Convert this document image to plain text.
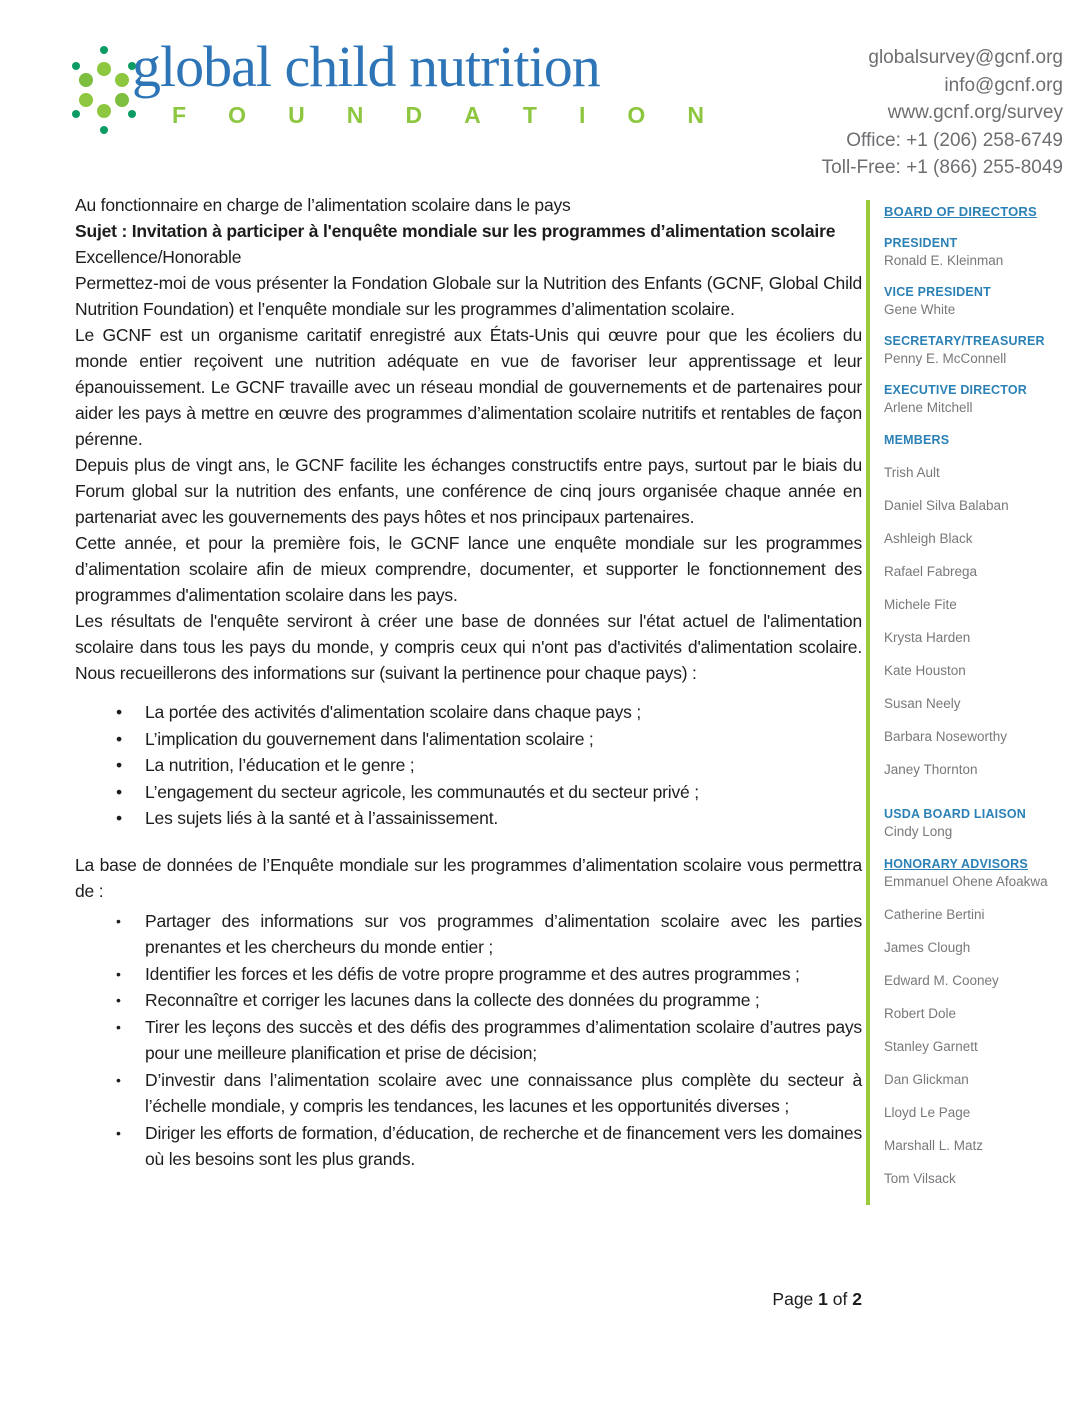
global child nutrition
F O U N D A T I O N
globalsurvey@gcnf.org
info@gcnf.org
www.gcnf.org/survey
Office: +1 (206) 258-6749
Toll-Free: +1 (866) 255-8049

Au fonctionnaire en charge de l’alimentation scolaire dans le pays

Sujet : Invitation à participer à l'enquête mondiale sur les programmes d’alimentation scolaire

Excellence/Honorable

Permettez-moi de vous présenter la Fondation Globale sur la Nutrition des Enfants (GCNF, Global Child Nutrition Foundation) et l’enquête mondiale sur les programmes d’alimentation scolaire.

Le GCNF est un organisme caritatif enregistré aux États-Unis qui œuvre pour que les écoliers du monde entier reçoivent une nutrition adéquate en vue de favoriser leur apprentissage et leur épanouissement. Le GCNF travaille avec un réseau mondial de gouvernements et de partenaires pour aider les pays à mettre en œuvre des programmes d’alimentation scolaire nutritifs et rentables de façon pérenne.

Depuis plus de vingt ans, le GCNF facilite les échanges constructifs entre pays, surtout par le biais du Forum global sur la nutrition des enfants, une conférence de cinq jours organisée chaque année en partenariat avec les gouvernements des pays hôtes et nos principaux partenaires.

Cette année, et pour la première fois, le GCNF lance une enquête mondiale sur les programmes d’alimentation scolaire afin de mieux comprendre, documenter, et supporter le fonctionnement des programmes d'alimentation scolaire dans les pays.

Les résultats de l'enquête serviront à créer une base de données sur l'état actuel de l'alimentation scolaire dans tous les pays du monde, y compris ceux qui n'ont pas d'activités d'alimentation scolaire. Nous recueillerons des informations sur (suivant la pertinence pour chaque pays) :

• La portée des activités d'alimentation scolaire dans chaque pays ;
• L’implication du gouvernement dans l'alimentation scolaire ;
• La nutrition, l’éducation et le genre ;
• L’engagement du secteur agricole, les communautés et du secteur privé ;
• Les sujets liés à la santé et à l’assainissement.

La base de données de l’Enquête mondiale sur les programmes d’alimentation scolaire vous permettra de :

• Partager des informations sur vos programmes d’alimentation scolaire avec les parties prenantes et les chercheurs du monde entier ;
• Identifier les forces et les défis de votre propre programme et des autres programmes ;
• Reconnaître et corriger les lacunes dans la collecte des données du programme ;
• Tirer les leçons des succès et des défis des programmes d’alimentation scolaire d’autres pays pour une meilleure planification et prise de décision;
• D’investir dans l’alimentation scolaire avec une connaissance plus complète du secteur à l’échelle mondiale, y compris les tendances, les lacunes et les opportunités diverses ;
• Diriger les efforts de formation, d’éducation, de recherche et de financement vers les domaines où les besoins sont les plus grands.
BOARD OF DIRECTORS
PRESIDENT
Ronald E. Kleinman
VICE PRESIDENT
Gene White
SECRETARY/TREASURER
Penny E. McConnell
EXECUTIVE DIRECTOR
Arlene Mitchell
MEMBERS
Trish Ault
Daniel Silva Balaban
Ashleigh Black
Rafael Fabrega
Michele Fite
Krysta Harden
Kate Houston
Susan Neely
Barbara Noseworthy
Janey Thornton
USDA BOARD LIAISON
Cindy Long
HONORARY ADVISORS
Emmanuel Ohene Afoakwa
Catherine Bertini
James Clough
Edward M. Cooney
Robert Dole
Stanley Garnett
Dan Glickman
Lloyd Le Page
Marshall L. Matz
Tom Vilsack
Page 1 of 2
